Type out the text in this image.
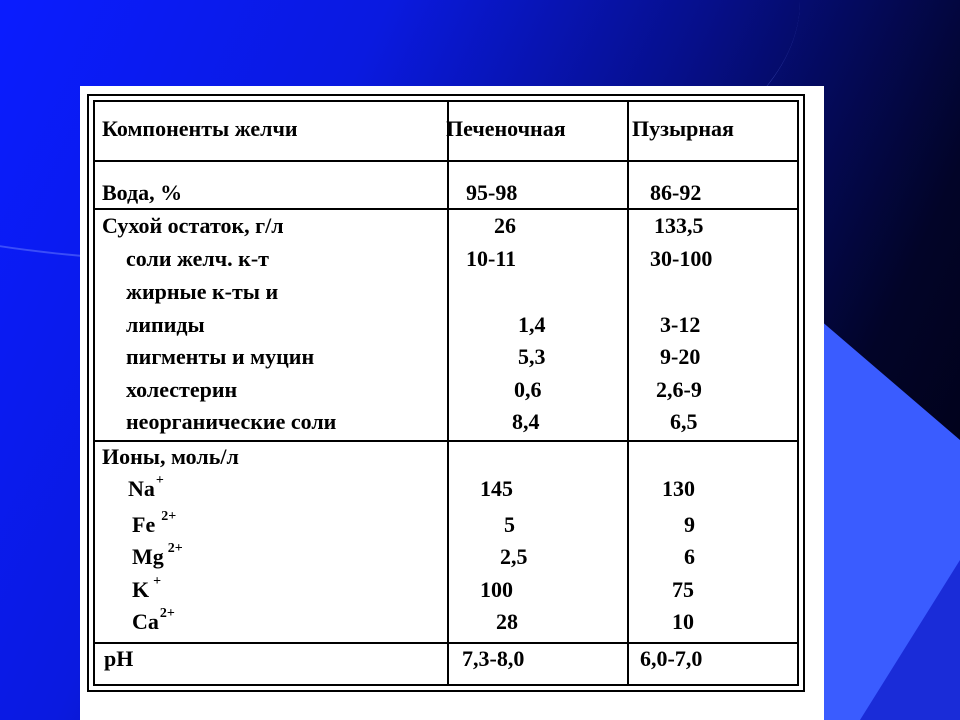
Компоненты желчи	Печеночная	Пузырная
Вода, %	95-98	86-92
Сухой остаток, г/л	26	133,5
соли желч. к-т	10-11	30-100
жирные к-ты и
липиды	1,4	3-12
пигменты и муцин	5,3	9-20
холестерин	0,6	2,6-9
неорганические соли	8,4	6,5
Ионы, моль/л
Na+	145	130
Fe $^{2+}$	5	9
Mg $^{2+}$	2,5	6
K +	100	75
$Ca^{2+}$	28	10
pH	7,3-8,0	6,0-7,0
